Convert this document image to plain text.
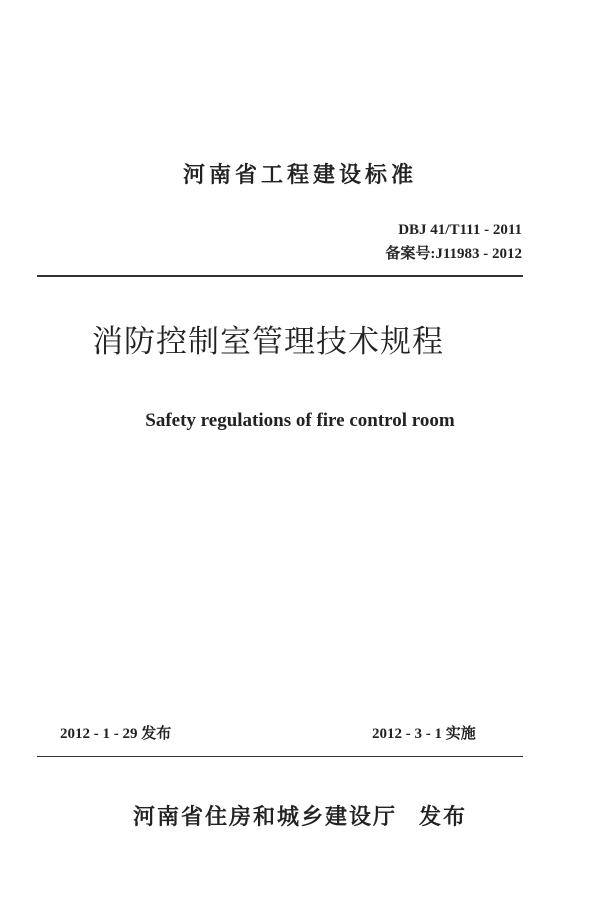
河南省工程建设标准
DBJ 41/T111 - 2011
备案号:J11983 - 2012
消防控制室管理技术规程
Safety regulations of fire control room
2012 - 1 - 29 发布	2012 - 3 - 1 实施
河南省住房和城乡建设厅 发布
